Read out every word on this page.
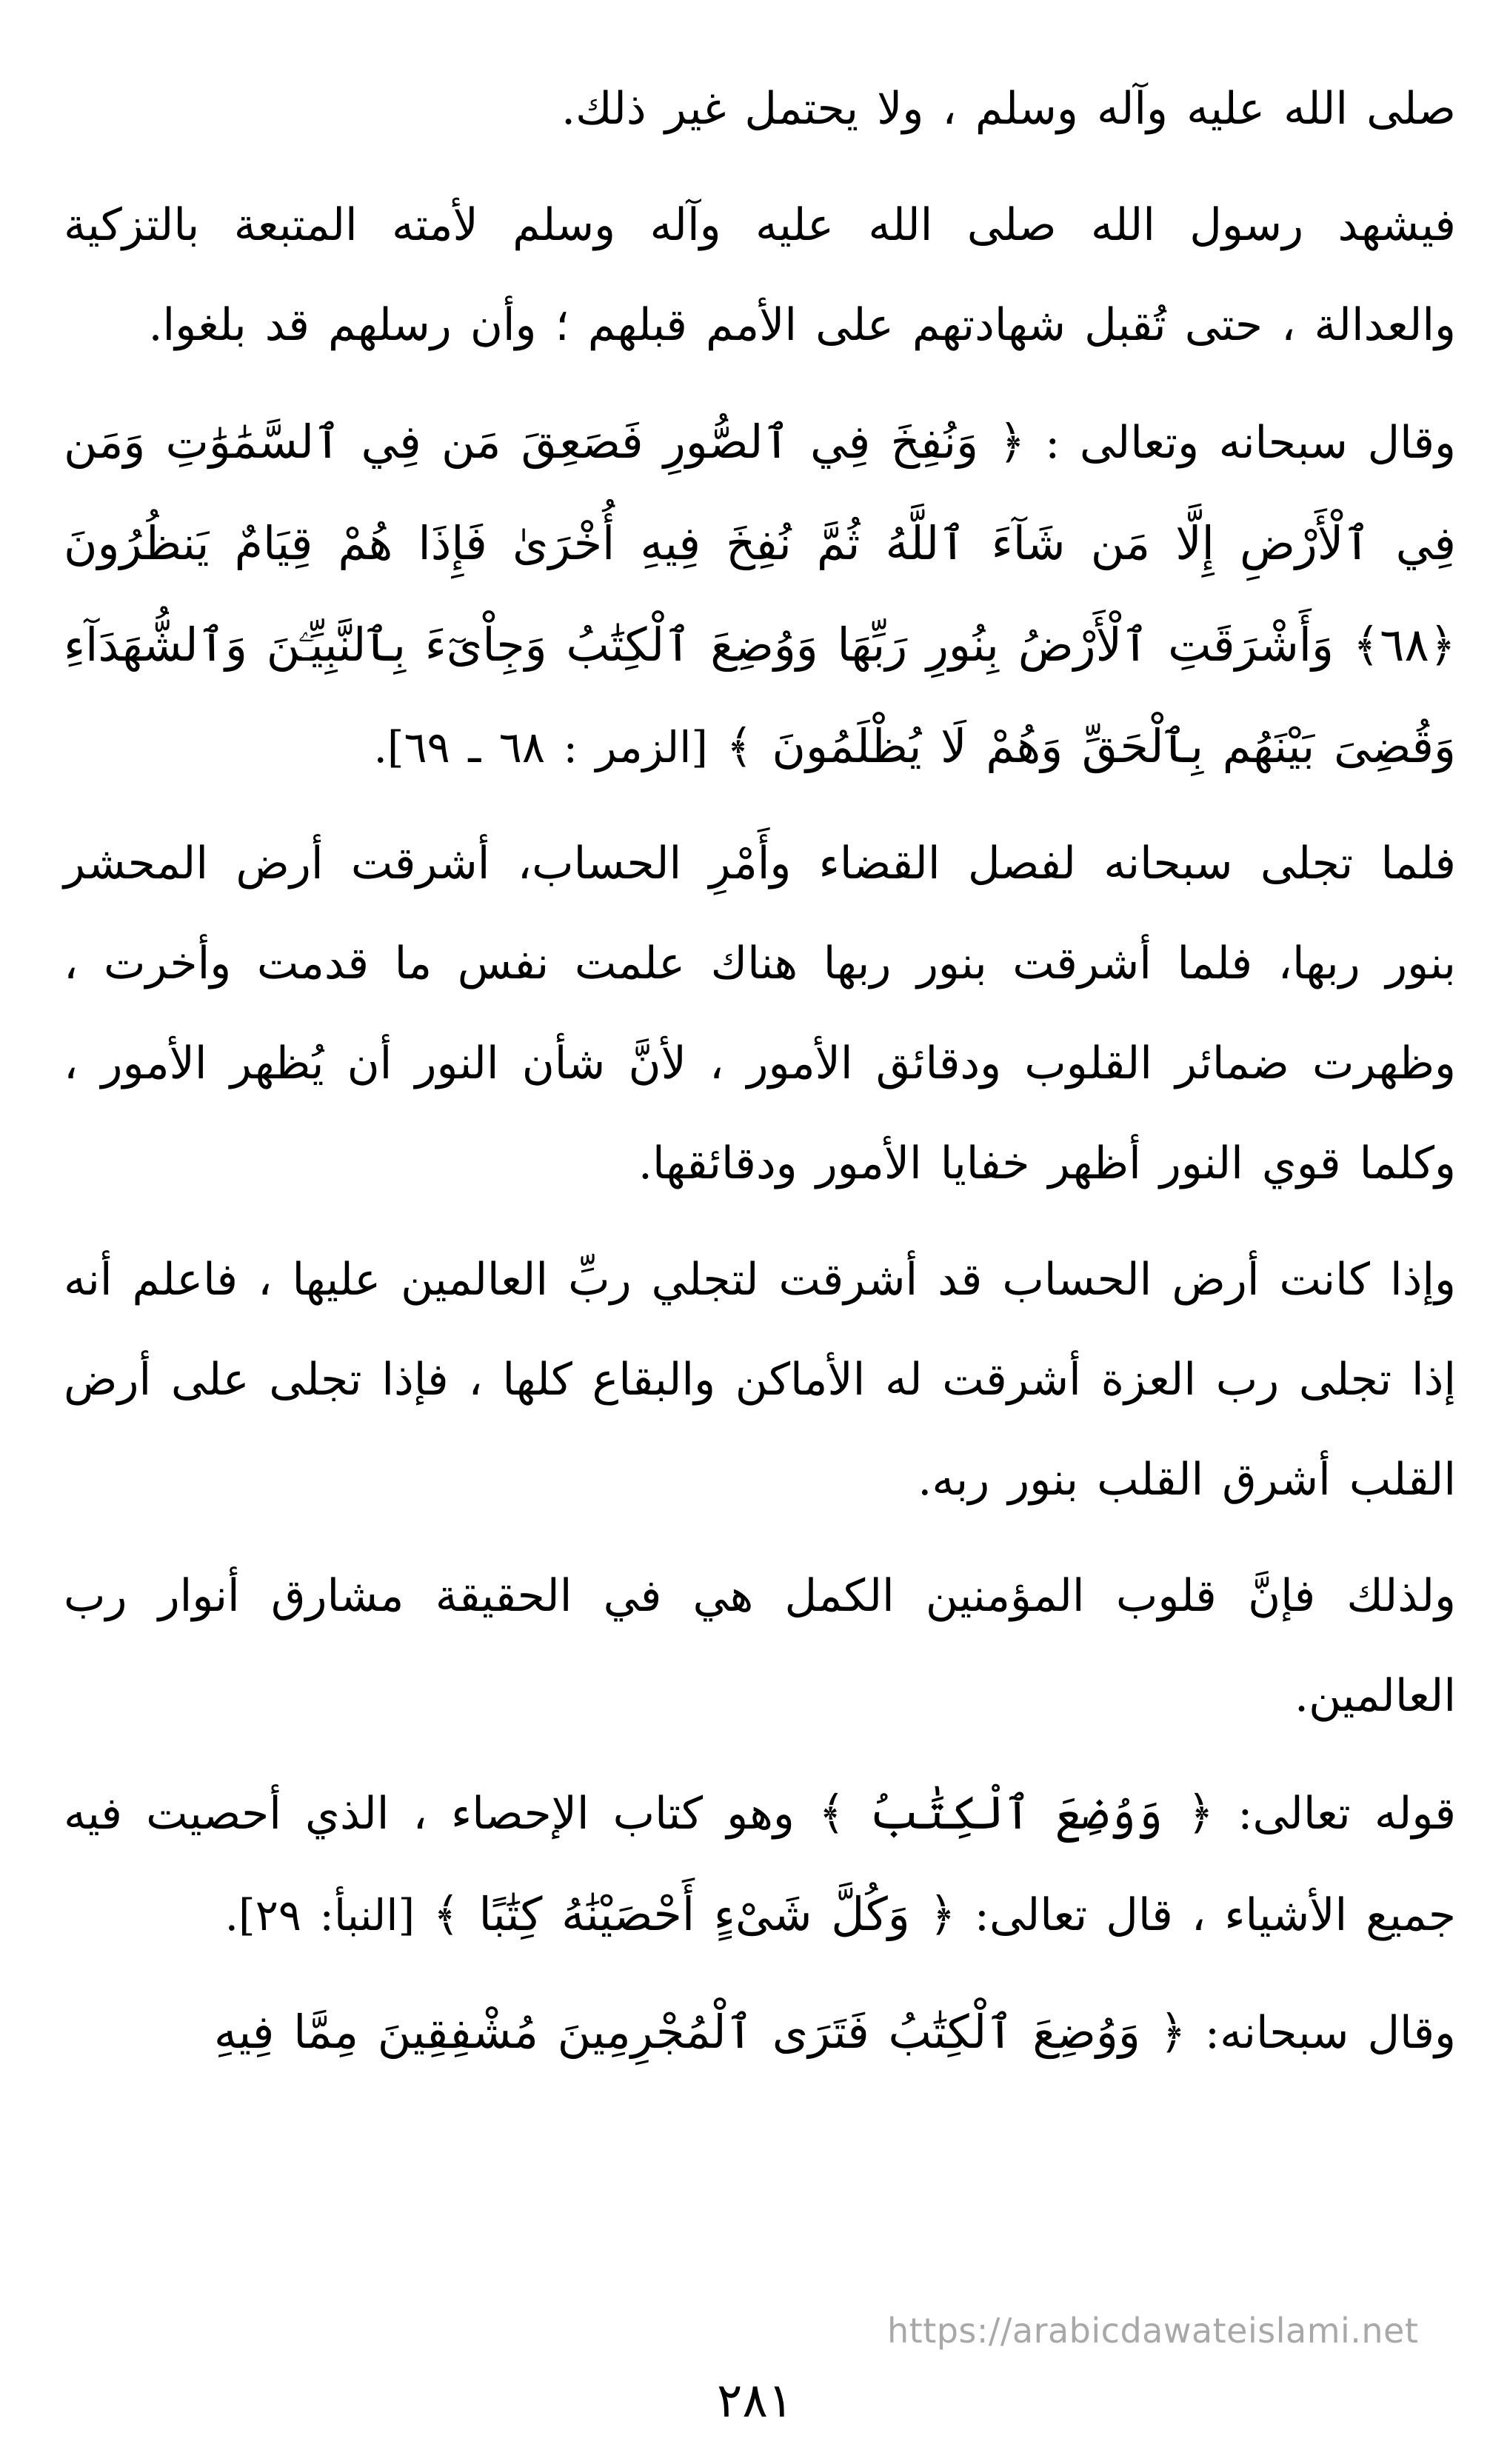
صلى الله عليه وآله وسلم ، ولا يحتمل غير ذلك.

فيشهد رسول الله صلى الله عليه وآله وسلم لأمته المتبعة بالتزكية والعدالة ، حتى تُقبل شهادتهم على الأمم قبلهم ؛ وأن رسلهم قد بلغوا.

وقال سبحانه وتعالى : ﴿ وَنُفِخَ فِي ٱلصُّورِ فَصَعِقَ مَن فِي ٱلسَّمَٰوَٰتِ وَمَن فِي ٱلْأَرْضِ إِلَّا مَن شَآءَ ٱللَّهُ ثُمَّ نُفِخَ فِيهِ أُخْرَىٰ فَإِذَا هُمْ قِيَامٌ يَنظُرُونَ ﴿٦٨﴾ وَأَشْرَقَتِ ٱلْأَرْضُ بِنُورِ رَبِّهَا وَوُضِعَ ٱلْكِتَٰبُ وَجِاْىٓءَ بِٱلنَّبِيِّـۧنَ وَٱلشُّهَدَآءِ وَقُضِىَ بَيْنَهُم بِٱلْحَقِّ وَهُمْ لَا يُظْلَمُونَ ﴾ [الزمر : ٦٨ ـ ٦٩].

فلما تجلى سبحانه لفصل القضاء وأَمْرِ الحساب، أشرقت أرض المحشر بنور ربها، فلما أشرقت بنور ربها هناك علمت نفس ما قدمت وأخرت ، وظهرت ضمائر القلوب ودقائق الأمور ، لأنَّ شأن النور أن يُظهر الأمور ، وكلما قوي النور أظهر خفايا الأمور ودقائقها.

وإذا كانت أرض الحساب قد أشرقت لتجلي ربِّ العالمين عليها ، فاعلم أنه إذا تجلى رب العزة أشرقت له الأماكن والبقاع كلها ، فإذا تجلى على أرض القلب أشرق القلب بنور ربه.

ولذلك فإنَّ قلوب المؤمنين الكمل هي في الحقيقة مشارق أنوار رب العالمين.

قوله تعالى: ﴿ وَوُضِعَ ٱلْكِتَٰبُ ﴾ وهو كتاب الإحصاء ، الذي أحصيت فيه جميع الأشياء ، قال تعالى: ﴿ وَكُلَّ شَىْءٍ أَحْصَيْنَٰهُ كِتَٰبًا ﴾ [النبأ: ٢٩].

وقال سبحانه: ﴿ وَوُضِعَ ٱلْكِتَٰبُ فَتَرَى ٱلْمُجْرِمِينَ مُشْفِقِينَ مِمَّا فِيهِ

https://arabicdawateislami.net
٢٨١
